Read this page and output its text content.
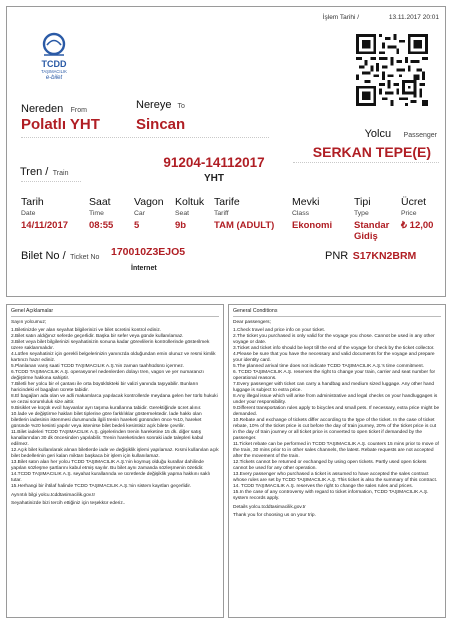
İşlem Tarihi /	13.11.2017 20:01
TCDD
TAŞIMACILIK
e-bilet
Nereden From	Nereye To
Polatlı YHT Sincan
Yolcu Passenger
SERKAN TEPE(E)
Tren / Train
91204-14112017
YHT
Tarih
Date
14/11/2017
Saat
Time
08:55
Vagon
Car
5
Koltuk
Seat
9b
Tarife
Tariff
TAM (ADULT)
Mevki
Class
Ekonomi
Tipi
Type
Standar
Gidiş
Ücret
Price
₺ 12,00
Bilet No / Ticket No 170010Z3EJO5
İnternet
PNR S17KN2BRM
Genel Açıklamalar
Sayın yolcumuz;
1.Biletinizde yer alan seyahat bilgilerinizi ve bilet ücretini kontrol ediniz.
2.Bilet satın aldığınız seferde geçerlidir. Başka bir sefer veya günde kullanılamaz.
3.Bilet veya bilet bilgilerinizi seyahatinizin sonuna kadar görevlilerin kontrollerinde gösterilmek üzere saklanmalıdır.
4.Lütfen seyahatiniz için gerekli belgelerinizin yanınızda olduğundan emin olunuz ve resmi kimlik kartınızı hazır ediniz.
5.Planlanan varış saati TCDD TAŞIMACILIK A.Ş.'nin zaman taahhüdünü içermez.
6.TCDD TAŞIMACILIK A.Ş. operasyonel nedenlerden dolayı tren, vagon ve yer numaranızı değiştirme hakkına sahiptir.
7.Biletli her yolcu bir el çantası ile orta büyüklükteki bir valizi yanında taşıyabilir. Bunların haricindeki el bagajları ücrete tabidir.
8.El bagajları ada olan ve adli makamlarca yapılacak kontrollerde meydana gelen her türlü hukuki ve cezai sorumluluk size aittir.
9.Bisiklet ve küçük evcil hayvanlar ayrı taşıma kurallarına tabidir. Gerektiğinde ücret alınır.
10.İade ve değiştirme hakları bilet tiplerine göre farklılıklar göstermektedir. İade hakkı olan biletlerin iadesinin istenmesi durumunda ilgili trenin hareketi gününden önce %10, hareket gününde %20 kesinti yapılır veya istenirse bilet bedeli kesintisiz açık bilete çevrilir.
11.Bilet iadeleri TCDD TAŞIMACILIK A.Ş. gişelerinden trenin hareketine 15 dk. diğer satış kanallarından 30 dk öncesinden yapılabilir. Trenin hareketinden sonraki iade talepleri kabul edilmez.
12.Açık bilet kullanılarak alınan biletlerde iade ve değişiklik işlemi yapılamaz. Kısmi kullanılan açık bilet bedellerinin geri kalan miktarı başkaca bir işlem için kullanılamaz.
13.Bilet satın alan her yolcu TCDD TAŞIMACILIK A.Ş.'nin koymuş olduğu kurallar dahilinde yapılan sözleşme şartlarını kabul etmiş sayılır. Bu bilet aynı zamanda sözleşmenin özetidir.
14.TCDD TAŞIMACILIK A.Ş. seyahat kurallarında ve ücretlerde değişiklik yapma hakkını saklı tutar.
15.Herhangi bir ihtilaf halinde TCDD TAŞIMACILIK A.Ş.'nin sistem kayıtları geçerlidir.
Ayrıntılı bilgi yolcu.tcddtasimacilik.gov.tr
Seyahatinizde bizi tercih ettiğiniz için teşekkür ederiz..
General Conditions
Dear passengers;
1.Check travel and price info on your ticket.
2.The ticket you purchased is only valid for the voyage you chose. Cannot be used in any other voyage or date.
3.Ticket and ticket info should be kept till the end of the voyage for check by the ticket collector.
4.Please be sure that you have the necessary and valid documents for the voyage and prepare your identity card.
5.The planned arrival time does not indicate TCDD TAŞIMACILIK A.Ş.'s time commitment.
6. TCDD TAŞIMACILIK A.Ş. reserves the right to change your train, carrier and seat number for operational reasons.
7.Every passenger with ticket can carry a handbag and medium sized luggage. Any other hand luggage is subject to extra price.
8.Any illegal issue which will arise from administrative and legal checks on your handluggages is under your responsibility.
9.Different transportation rules apply to bicycles and small pets. If necessary, extra price might be demanded.
10.Rebate and exchange of tickets differ according to the type of the ticket. In the case of ticket rebate, 10% of the ticket price is cut before the day of train journey, 20% of the ticket price is cut in the day of train journey or all ticket price is converted to open ticket if demanded by the passenger.
11.Ticket rebate can be performed in TCDD TAŞIMACILIK A.Ş. counters 15 mins prior to move of the train, 30 mins prior to in other sales channels, the latest. Rebate requests are not accepted after the movement of the train.
12.Tickets cannot be returned or exchanged by using open tickets. Partly used open tickets cannot be used for any other operation.
13.Every passenger who purchased a ticket is assumed to have accepted the sales contract whose rules are set by TCDD TAŞIMACILIK A.Ş. This ticket is also the summary of this contract.
14. TCDD TAŞIMACILIK A.Ş. reserves the right to change the sales rules and prices.
15.In the case of any controversy with regard to ticket information, TCDD TAŞIMACILIK A.Ş. system records apply.
Details yolcu.tcddtasimacilik.gov.tr
Thank you for choosing us on your trip.
